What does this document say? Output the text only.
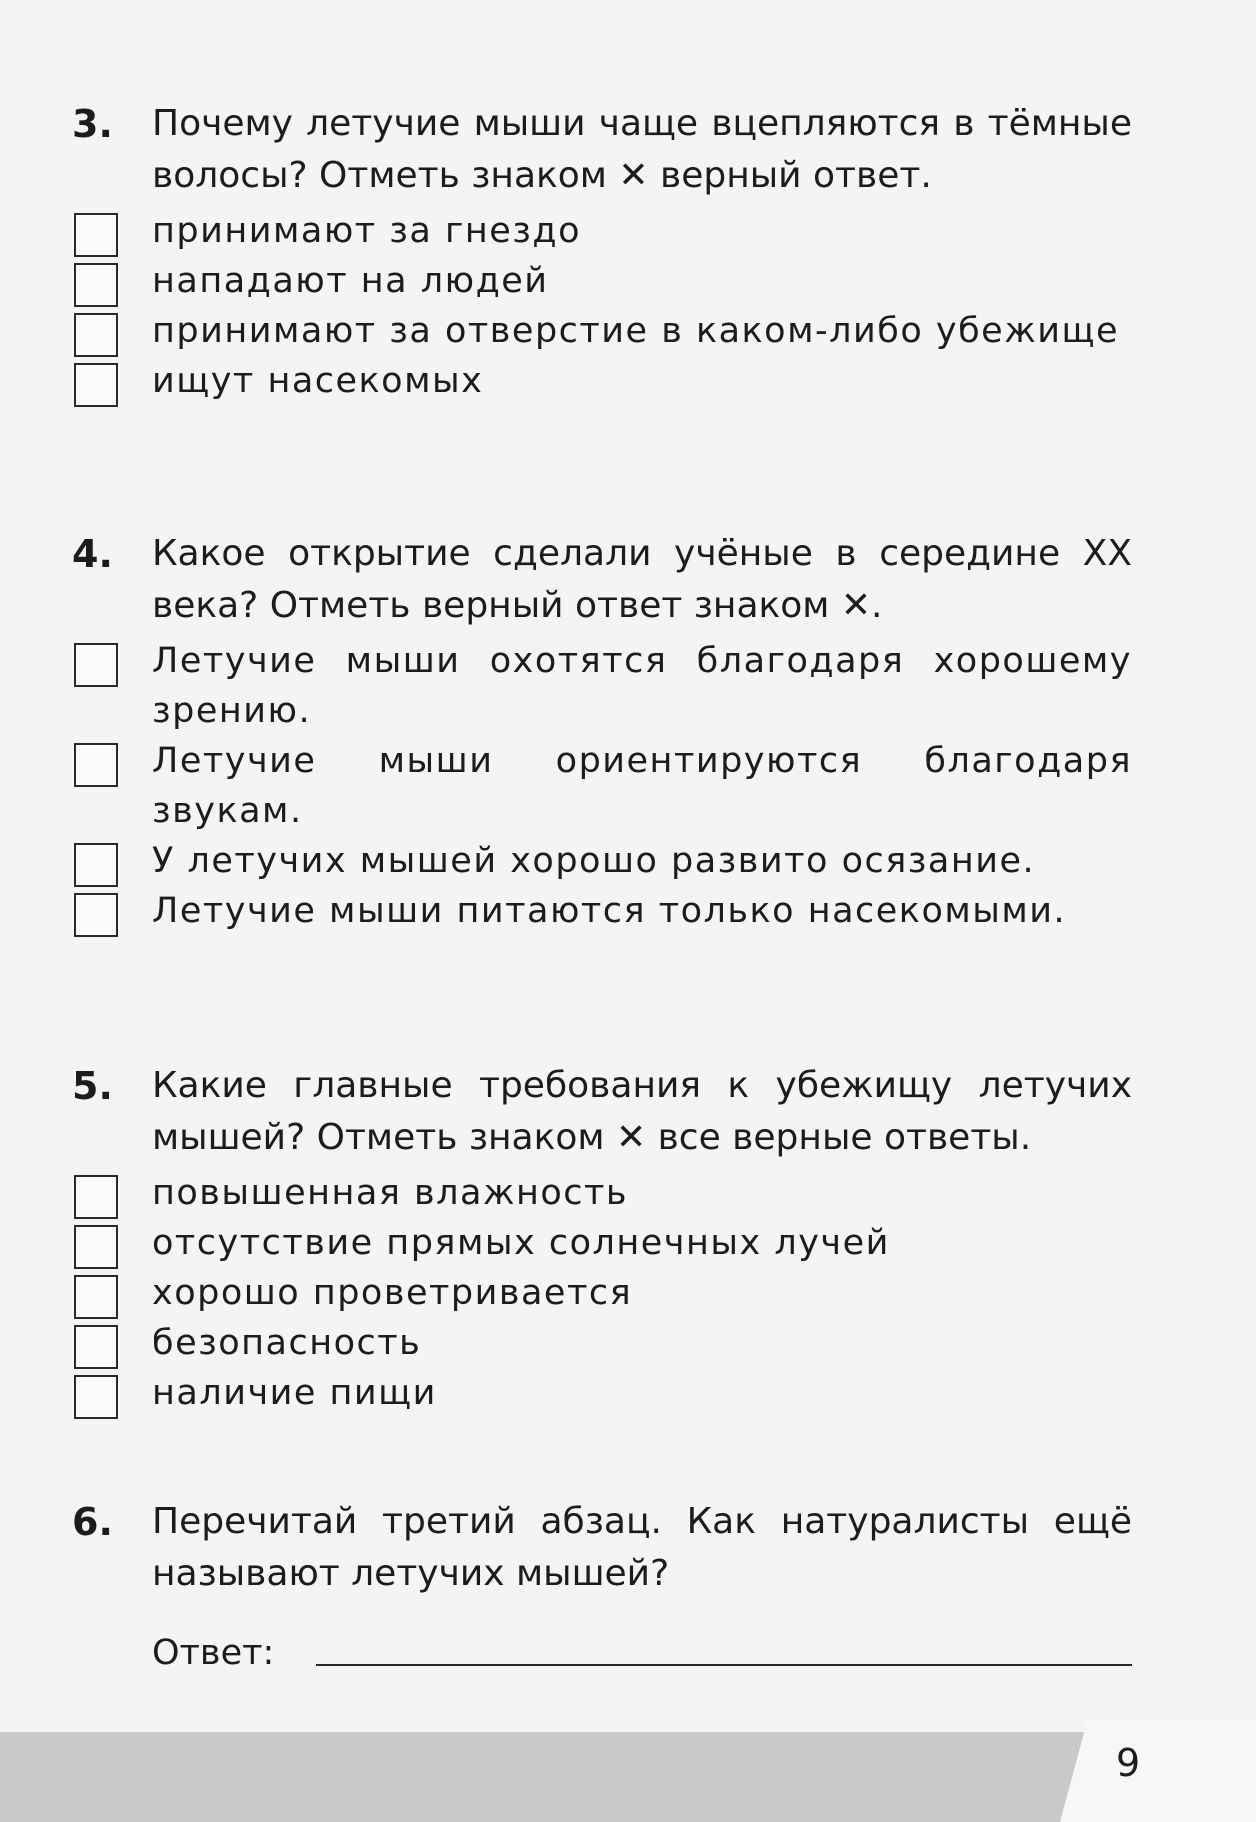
3. Почему летучие мыши чаще вцепляются в тёмные волосы? Отметь знаком ✕ верный ответ.
принимают за гнездо
нападают на людей
принимают за отверстие в каком-либо убежище
ищут насекомых
4. Какое открытие сделали учёные в середине XX века? Отметь верный ответ знаком ✕.
Летучие мыши охотятся благодаря хорошему зрению.
Летучие мыши ориентируются благодаря звукам.
У летучих мышей хорошо развито осязание.
Летучие мыши питаются только насекомыми.
5. Какие главные требования к убежищу летучих мышей? Отметь знаком ✕ все верные ответы.
повышенная влажность
отсутствие прямых солнечных лучей
хорошо проветривается
безопасность
наличие пищи
6. Перечитай третий абзац. Как натуралисты ещё называют летучих мышей?
Ответ:
9
